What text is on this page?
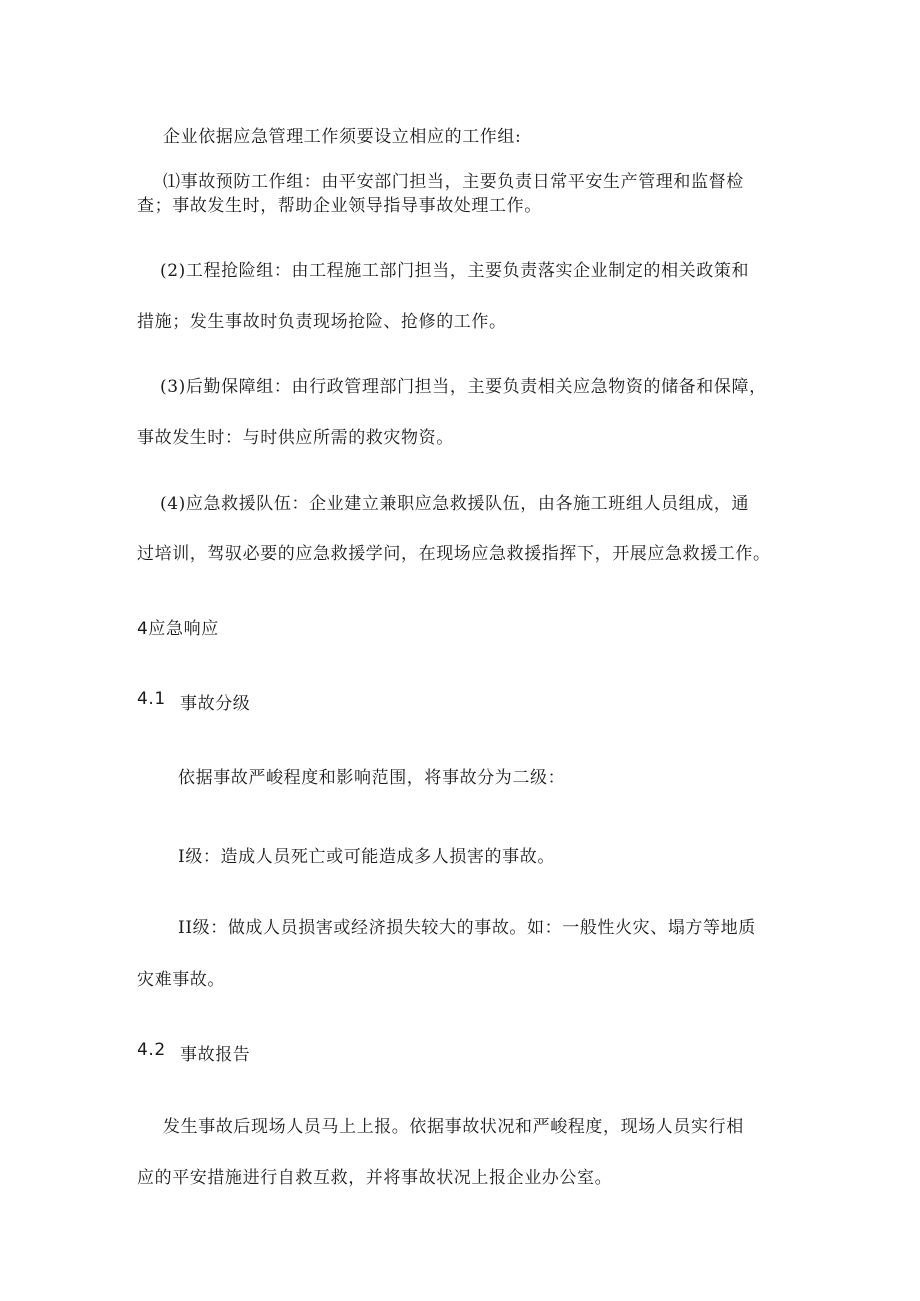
企业依据应急管理工作须要设立相应的工作组:

⑴事故预防工作组：由平安部门担当，主要负责日常平安生产管理和监督检

查；事故发生时，帮助企业领导指导事故处理工作。

(2)工程抢险组：由工程施工部门担当，主要负责落实企业制定的相关政策和

措施；发生事故时负责现场抢险、抢修的工作。

(3)后勤保障组：由行政管理部门担当，主要负责相关应急物资的储备和保障，

事故发生时：与时供应所需的救灾物资。

(4)应急救援队伍：企业建立兼职应急救援队伍，由各施工班组人员组成，通

过培训，驾驭必要的应急救援学问，在现场应急救援指挥下，开展应急救援工作。

4应急响应

4.1 事故分级

依据事故严峻程度和影响范围，将事故分为二级：

I级：造成人员死亡或可能造成多人损害的事故。

II级：做成人员损害或经济损失较大的事故。如：一般性火灾、塌方等地质

灾难事故。

4.2 事故报告

发生事故后现场人员马上上报。依据事故状况和严峻程度，现场人员实行相

应的平安措施进行自救互救，并将事故状况上报企业办公室。
